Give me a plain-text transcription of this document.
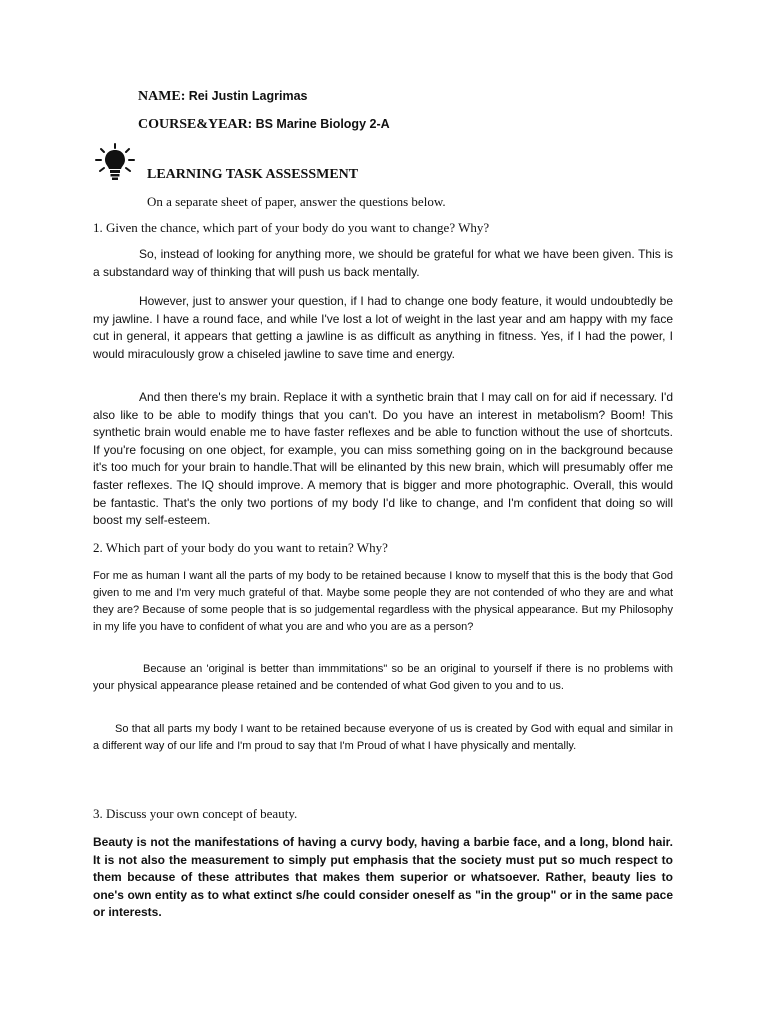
NAME: Rei Justin Lagrimas
COURSE&YEAR: BS Marine Biology 2-A
LEARNING TASK ASSESSMENT
On a separate sheet of paper, answer the questions below.
1. Given the chance, which part of your body do you want to change? Why?
So, instead of looking for anything more, we should be grateful for what we have been given. This is a substandard way of thinking that will push us back mentally.
However, just to answer your question, if I had to change one body feature, it would undoubtedly be my jawline. I have a round face, and while I've lost a lot of weight in the last year and am happy with my face cut in general, it appears that getting a jawline is as difficult as anything in fitness. Yes, if I had the power, I would miraculously grow a chiseled jawline to save time and energy.
And then there's my brain. Replace it with a synthetic brain that I may call on for aid if necessary. I'd also like to be able to modify things that you can't. Do you have an interest in metabolism? Boom! This synthetic brain would enable me to have faster reflexes and be able to function without the use of shortcuts. If you're focusing on one object, for example, you can miss something going on in the background because it's too much for your brain to handle.That will be elinanted by this new brain, which will presumably offer me faster reflexes. The IQ should improve. A memory that is bigger and more photographic. Overall, this would be fantastic. That's the only two portions of my body I'd like to change, and I'm confident that doing so will boost my self-esteem.
2. Which part of your body do you want to retain? Why?
For me as human I want all the parts of my body to be retained because I know to myself that this is the body that God given to me and I'm very much grateful of that. Maybe some people they are not contended of who they are and what they are? Because of some people that is so judgemental regardless with the physical appearance. But my Philosophy in my life you have to confident of what you are and who you are as a person?
Because an 'original is better than immmitations" so be an original to yourself if there is no problems with your physical appearance please retained and be contended of what God given to you and to us.
So that all parts my body I want to be retained because everyone of us is created by God with equal and similar in a different way of our life and I'm proud to say that I'm Proud of what I have physically and mentally.
3. Discuss your own concept of beauty.
Beauty is not the manifestations of having a curvy body, having a barbie face, and a long, blond hair. It is not also the measurement to simply put emphasis that the society must put so much respect to them because of these attributes that makes them superior or whatsoever. Rather, beauty lies to one's own entity as to what extinct s/he could consider oneself as "in the group" or in the same pace or interests.
